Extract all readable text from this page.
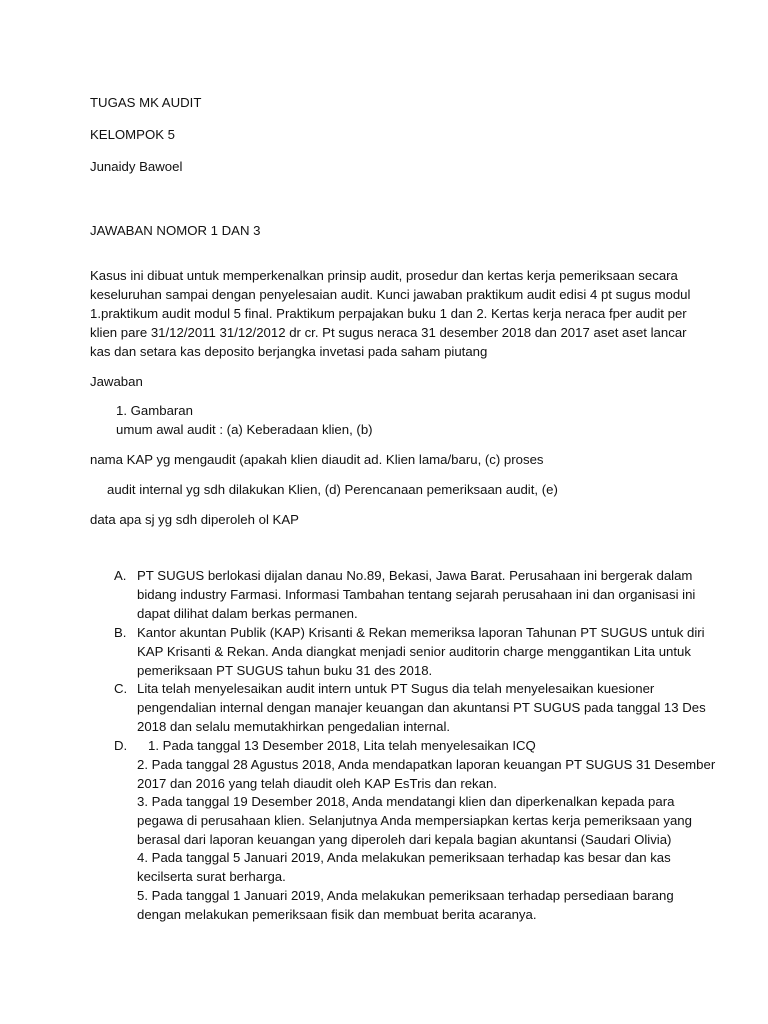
TUGAS MK AUDIT
KELOMPOK 5
Junaidy Bawoel
JAWABAN NOMOR 1 DAN 3
Kasus ini dibuat untuk memperkenalkan prinsip audit, prosedur dan kertas kerja pemeriksaan secara
keseluruhan sampai dengan penyelesaian audit. Kunci jawaban praktikum audit edisi 4 pt sugus modul
1.praktikum audit modul 5 final. Praktikum perpajakan buku 1 dan 2. Kertas kerja neraca fper audit per
klien pare 31/12/2011 31/12/2012 dr cr. Pt sugus neraca 31 desember 2018 dan 2017 aset aset lancar
kas dan setara kas deposito berjangka invetasi pada saham piutang
Jawaban
1. Gambaran
umum awal audit : (a) Keberadaan klien, (b)
nama KAP yg mengaudit (apakah klien diaudit ad. Klien lama/baru, (c) proses
audit internal yg sdh dilakukan Klien, (d) Perencanaan pemeriksaan audit, (e)
data apa sj yg sdh diperoleh ol KAP
A. PT SUGUS berlokasi dijalan danau No.89, Bekasi, Jawa Barat. Perusahaan ini bergerak dalam
bidang industry Farmasi. Informasi Tambahan tentang sejarah perusahaan ini dan organisasi ini
dapat dilihat dalam berkas permanen.
B. Kantor akuntan Publik (KAP) Krisanti & Rekan memeriksa laporan Tahunan PT SUGUS untuk diri
KAP Krisanti & Rekan. Anda diangkat menjadi senior auditorin charge menggantikan Lita untuk
pemeriksaan PT SUGUS tahun buku 31 des 2018.
C. Lita telah menyelesaikan audit intern untuk PT Sugus dia telah menyelesaikan kuesioner
pengendalian internal dengan manajer keuangan dan akuntansi PT SUGUS pada tanggal 13 Des
2018 dan selalu memutakhirkan pengedalian internal.
D. 1. Pada tanggal 13 Desember 2018, Lita telah menyelesaikan ICQ
2. Pada tanggal 28 Agustus 2018, Anda mendapatkan laporan keuangan PT SUGUS 31 Desember
2017 dan 2016 yang telah diaudit oleh KAP EsTris dan rekan.
3. Pada tanggal 19 Desember 2018, Anda mendatangi klien dan diperkenalkan kepada para
pegawa di perusahaan klien. Selanjutnya Anda mempersiapkan kertas kerja pemeriksaan yang
berasal dari laporan keuangan yang diperoleh dari kepala bagian akuntansi (Saudari Olivia)
4. Pada tanggal 5 Januari 2019, Anda melakukan pemeriksaan terhadap kas besar dan kas
kecilserta surat berharga.
5. Pada tanggal 1 Januari 2019, Anda melakukan pemeriksaan terhadap persediaan barang
dengan melakukan pemeriksaan fisik dan membuat berita acaranya.
